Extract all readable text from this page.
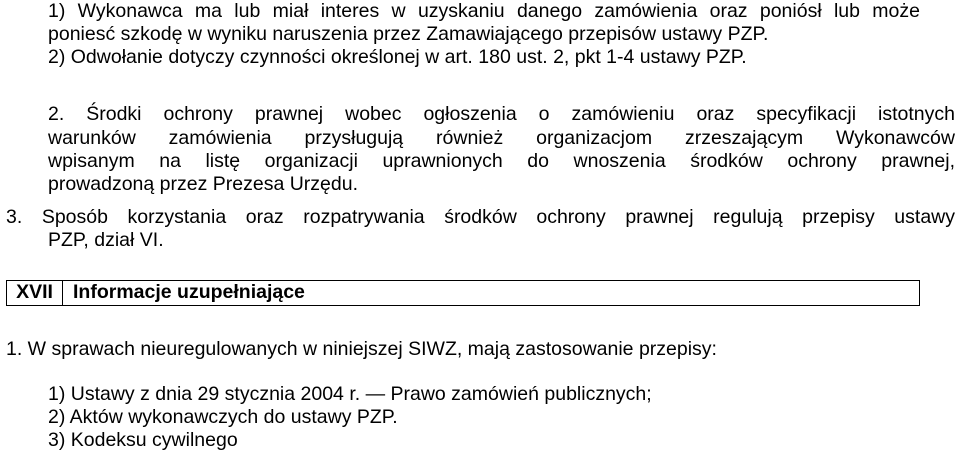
1) Wykonawca ma lub miał interes w uzyskaniu danego zamówienia oraz poniósł lub może
poniesć szkodę w wyniku naruszenia przez Zamawiającego przepisów ustawy PZP.
2) Odwołanie dotyczy czynności określonej w art. 180 ust. 2, pkt 1-4 ustawy PZP.
2. Środki ochrony prawnej wobec ogłoszenia o zamówieniu oraz specyfikacji istotnych
warunków zamówienia przysługują również organizacjom zrzeszającym Wykonawców
wpisanym na listę organizacji uprawnionych do wnoszenia środków ochrony prawnej,
prowadzoną przez Prezesa Urzędu.
3. Sposób korzystania oraz rozpatrywania środków ochrony prawnej regulują przepisy ustawy
PZP, dział VI.
XVII	Informacje uzupełniające
1. W sprawach nieuregulowanych w niniejszej SIWZ, mają zastosowanie przepisy:
1) Ustawy z dnia 29 stycznia 2004 r. — Prawo zamówień publicznych;
2) Aktów wykonawczych do ustawy PZP.
3) Kodeksu cywilnego
